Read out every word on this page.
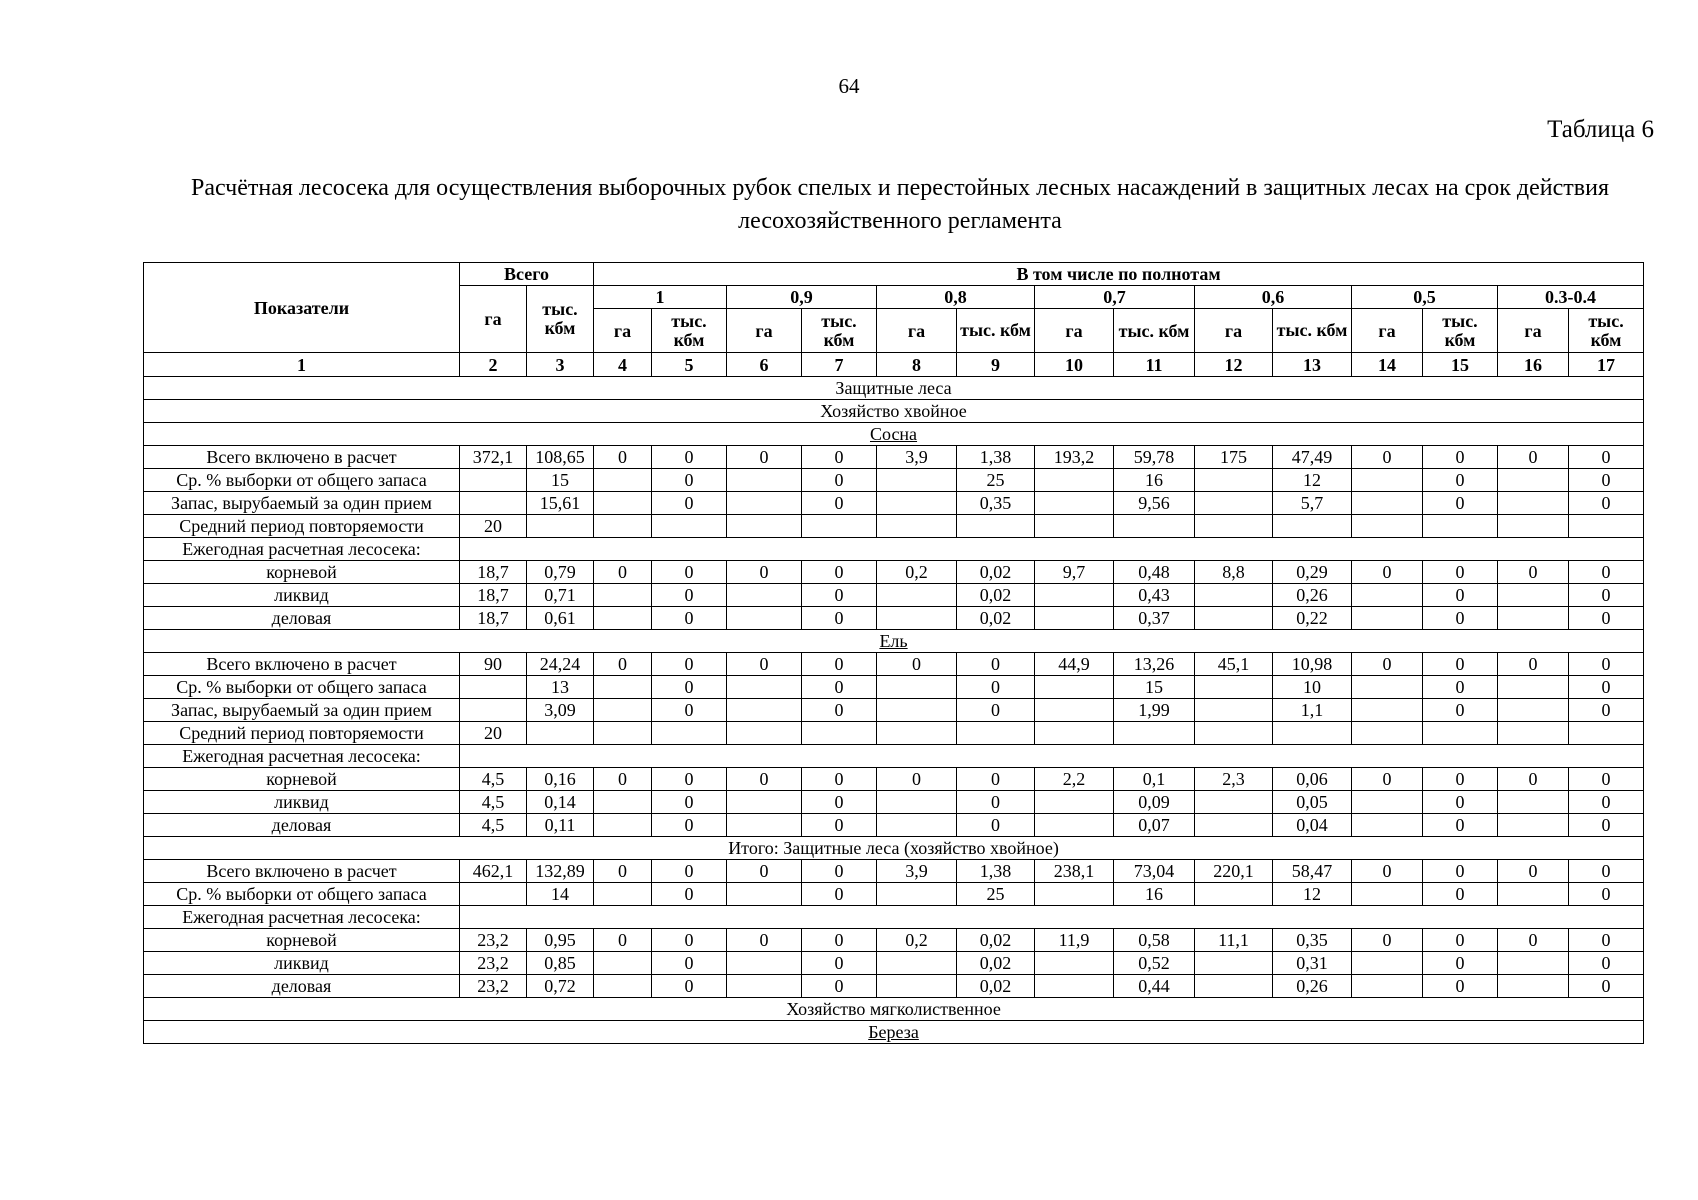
64
Таблица 6
Расчётная лесосека для осуществления выборочных рубок спелых и перестойных лесных насаждений в защитных лесах на срок действия лесохозяйственного регламента
Показатели	Всего		В том числе по полнотам													
	га	тыс. кбм	1		0,9		0,8		0,7		0,6		0,5		0.3-0.4	
			га	тыс. кбм	га	тыс. кбм	га	тыс. кбм	га	тыс. кбм	га	тыс. кбм	га	тыс. кбм	га	тыс. кбм
1	2	3	4	5	6	7	8	9	10	11	12	13	14	15	16	17
Защитные леса																
Хозяйство хвойное																
Сосна																
Всего включено в расчет	372,1	108,65	0	0	0	0	3,9	1,38	193,2	59,78	175	47,49	0	0	0	0
Ср. % выборки от общего запаса		15		0		0		25		16		12		0		0
Запас, вырубаемый за один прием		15,61		0		0		0,35		9,56		5,7		0		0
Средний период повторяемости	20															
Ежегодная расчетная лесосека:																
корневой	18,7	0,79	0	0	0	0	0,2	0,02	9,7	0,48	8,8	0,29	0	0	0	0
ликвид	18,7	0,71		0		0		0,02		0,43		0,26		0		0
деловая	18,7	0,61		0		0		0,02		0,37		0,22		0		0
Ель																
Всего включено в расчет	90	24,24	0	0	0	0	0	0	44,9	13,26	45,1	10,98	0	0	0	0
Ср. % выборки от общего запаса		13		0		0		0		15		10		0		0
Запас, вырубаемый за один прием		3,09		0		0		0		1,99		1,1		0		0
Средний период повторяемости	20															
Ежегодная расчетная лесосека:																
корневой	4,5	0,16	0	0	0	0	0	0	2,2	0,1	2,3	0,06	0	0	0	0
ликвид	4,5	0,14		0		0		0		0,09		0,05		0		0
деловая	4,5	0,11		0		0		0		0,07		0,04		0		0
Итого: Защитные леса (хозяйство хвойное)																
Всего включено в расчет	462,1	132,89	0	0	0	0	3,9	1,38	238,1	73,04	220,1	58,47	0	0	0	0
Ср. % выборки от общего запаса		14		0		0		25		16		12		0		0
Ежегодная расчетная лесосека:																
корневой	23,2	0,95	0	0	0	0	0,2	0,02	11,9	0,58	11,1	0,35	0	0	0	0
ликвид	23,2	0,85		0		0		0,02		0,52		0,31		0		0
деловая	23,2	0,72		0		0		0,02		0,44		0,26		0		0
Хозяйство мягколиственное																
Береза																
